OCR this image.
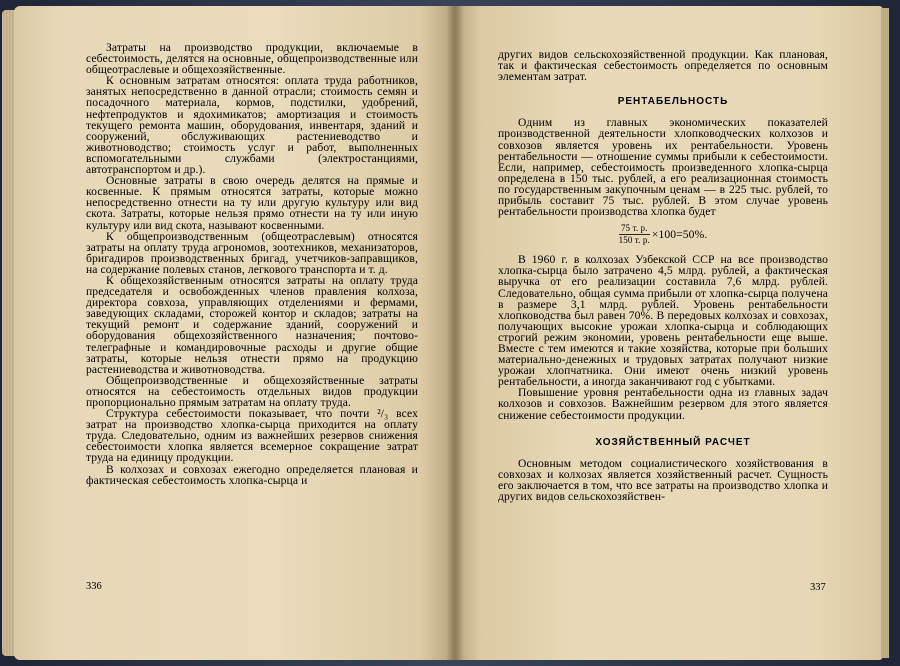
Затраты на производство продукции, включаемые в себестоимость, делятся на основные, общепроизводственные или общеотраслевые и общехозяйственные.

К основным затратам относятся: оплата труда работников, занятых непосредственно в данной отрасли; стоимость семян и посадочного материала, кормов, подстилки, удобрений, нефтепродуктов и ядохимикатов; амортизация и стоимость текущего ремонта машин, оборудования, инвентаря, зданий и сооружений, обслуживающих растениеводство и животноводство; стоимость услуг и работ, выполненных вспомогательными службами (электростанциями, автотранспортом и др.).

Основные затраты в свою очередь делятся на прямые и косвенные. К прямым относятся затраты, которые можно непосредственно отнести на ту или другую культуру или вид скота. Затраты, которые нельзя прямо отнести на ту или иную культуру или вид скота, называют косвенными.

К общепроизводственным (общеотраслевым) относятся затраты на оплату труда агрономов, зоотехников, механизаторов, бригадиров производственных бригад, учетчиков-заправщиков, на содержание полевых станов, легкового транспорта и т. д.

К общехозяйственным относятся затраты на оплату труда председателя и освобожденных членов правления колхоза, директора совхоза, управляющих отделениями и фермами, заведующих складами, сторожей контор и складов; затраты на текущий ремонт и содержание зданий, сооружений и оборудования общехозяйственного назначения; почтово-телеграфные и командировочные расходы и другие общие затраты, которые нельзя отнести прямо на продукцию растениеводства и животноводства.

Общепроизводственные и общехозяйственные затраты относятся на себестоимость отдельных видов продукции пропорционально прямым затратам на оплату труда.

Структура себестоимости показывает, что почти ²/₃ всех затрат на производство хлопка-сырца приходится на оплату труда. Следовательно, одним из важнейших резервов снижения себестоимости хлопка является всемерное сокращение затрат труда на единицу продукции.

В колхозах и совхозах ежегодно определяется плановая и фактическая себестоимость хлопка-сырца и

336

других видов сельскохозяйственной продукции. Как плановая, так и фактическая себестоимость определяется по основным элементам затрат.

РЕНТАБЕЛЬНОСТЬ

Одним из главных экономических показателей производственной деятельности хлопководческих колхозов и совхозов является уровень их рентабельности. Уровень рентабельности — отношение суммы прибыли к себестоимости. Если, например, себестоимость произведенного хлопка-сырца определена в 150 тыс. рублей, а его реализационная стоимость по государственным закупочным ценам — в 225 тыс. рублей, то прибыль составит 75 тыс. рублей. В этом случае уровень рентабельности производства хлопка будет

$\frac{75 т. р.}{150 т. р.} \times 100=50\%$.

В 1960 г. в колхозах Узбекской ССР на все производство хлопка-сырца было затрачено 4,5 млрд. рублей, а фактическая выручка от его реализации составила 7,6 млрд. рублей. Следовательно, общая сумма прибыли от хлопка-сырца получена в размере 3,1 млрд. рублей. Уровень рентабельности хлопководства был равен 70%. В передовых колхозах и совхозах, получающих высокие урожаи хлопка-сырца и соблюдающих строгий режим экономии, уровень рентабельности еще выше. Вместе с тем имеются и такие хозяйства, которые при больших материально-денежных и трудовых затратах получают низкие урожаи хлопчатника. Они имеют очень низкий уровень рентабельности, а иногда заканчивают год с убытками.

Повышение уровня рентабельности одна из главных задач колхозов и совхозов. Важнейшим резервом для этого является снижение себестоимости продукции.

ХОЗЯЙСТВЕННЫЙ РАСЧЕТ

Основным методом социалистического хозяйствования в совхозах и колхозах является хозяйственный расчет. Сущность его заключается в том, что все затраты на производство хлопка и других видов сельскохозяйствен-

337
